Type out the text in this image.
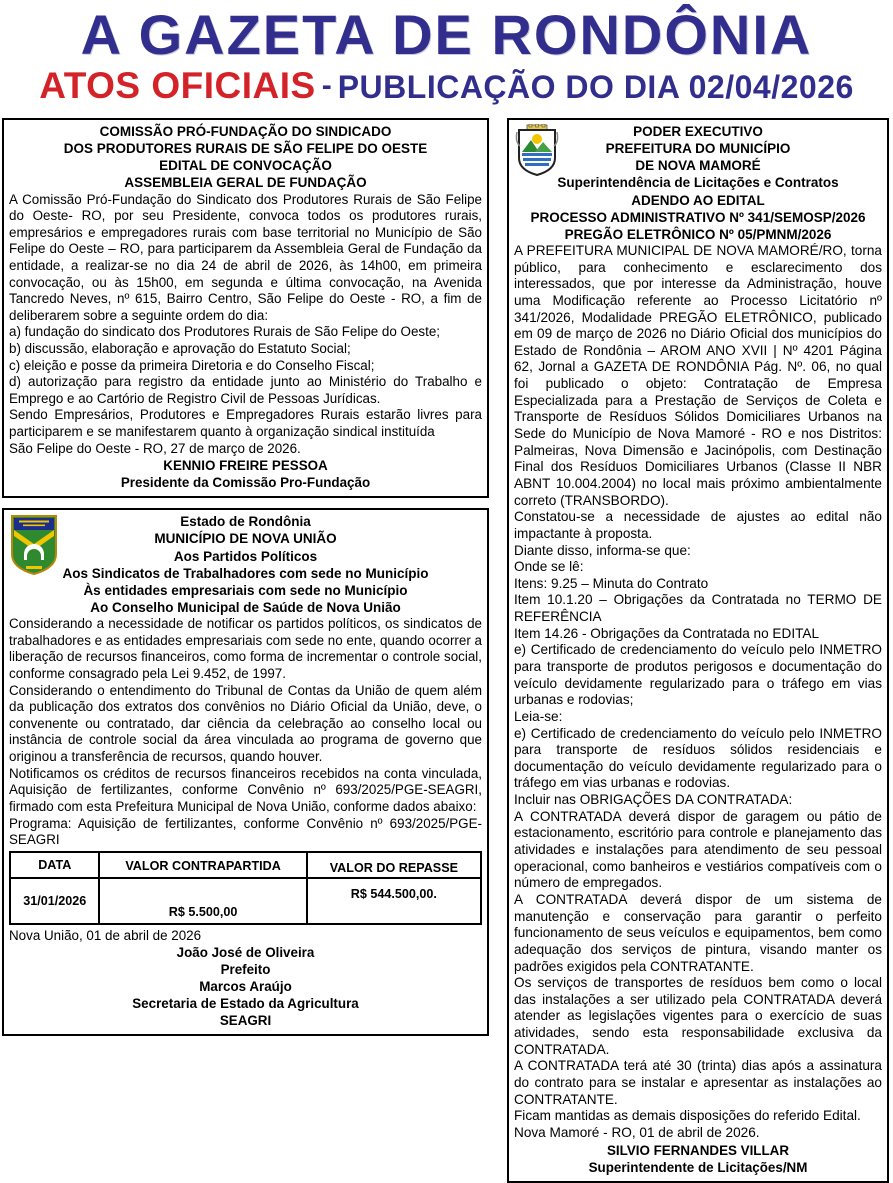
A GAZETA DE RONDÔNIA
ATOS OFICIAIS - PUBLICAÇÃO DO DIA 02/04/2026
COMISSÃO PRÓ-FUNDAÇÃO DO SINDICADO
DOS PRODUTORES RURAIS DE SÃO FELIPE DO OESTE
EDITAL DE CONVOCAÇÃO
ASSEMBLEIA GERAL DE FUNDAÇÃO

A Comissão Pró-Fundação do Sindicato dos Produtores Rurais de São Felipe do Oeste- RO, por seu Presidente, convoca todos os produtores rurais, empresários e empregadores rurais com base territorial no Município de São Felipe do Oeste – RO, para participarem da Assembleia Geral de Fundação da entidade, a realizar-se no dia 24 de abril de 2026, às 14h00, em primeira convocação, ou às 15h00, em segunda e última convocação, na Avenida Tancredo Neves, nº 615, Bairro Centro, São Felipe do Oeste - RO, a fim de deliberarem sobre a seguinte ordem do dia:

a) fundação do sindicato dos Produtores Rurais de São Felipe do Oeste;

b) discussão, elaboração e aprovação do Estatuto Social;

c) eleição e posse da primeira Diretoria e do Conselho Fiscal;

d) autorização para registro da entidade junto ao Ministério do Trabalho e Emprego e ao Cartório de Registro Civil de Pessoas Jurídicas.

Sendo Empresários, Produtores e Empregadores Rurais estarão livres para participarem e se manifestarem quanto à organização sindical instituída

São Felipe do Oeste - RO, 27 de março de 2026.

KENNIO FREIRE PESSOA
Presidente da Comissão Pro-Fundação
Estado de Rondônia
MUNICÍPIO DE NOVA UNIÃO
Aos Partidos Políticos
Aos Sindicatos de Trabalhadores com sede no Município
Às entidades empresariais com sede no Município
Ao Conselho Municipal de Saúde de Nova União

Considerando a necessidade de notificar os partidos políticos, os sindicatos de trabalhadores e as entidades empresariais com sede no ente, quando ocorrer a liberação de recursos financeiros, como forma de incrementar o controle social, conforme consagrado pela Lei 9.452, de 1997.

Considerando o entendimento do Tribunal de Contas da União de quem além da publicação dos extratos dos convênios no Diário Oficial da União, deve, o convenente ou contratado, dar ciência da celebração ao conselho local ou instância de controle social da área vinculada ao programa de governo que originou a transferência de recursos, quando houver.

Notificamos os créditos de recursos financeiros recebidos na conta vinculada, Aquisição de fertilizantes, conforme Convênio nº 693/2025/PGE-SEAGRI, firmado com esta Prefeitura Municipal de Nova União, conforme dados abaixo:

Programa: Aquisição de fertilizantes, conforme Convênio nº 693/2025/PGE-SEAGRI

DATA	VALOR CONTRAPARTIDA	VALOR DO REPASSE
31/01/2026	R$ 5.500,00	R$ 544.500,00.
Nova União, 01 de abril de 2026
João José de Oliveira
Prefeito
Marcos Araújo
Secretaria de Estado da Agricultura
SEAGRI
PODER EXECUTIVO
PREFEITURA DO MUNICÍPIO
DE NOVA MAMORÉ
Superintendência de Licitações e Contratos
ADENDO AO EDITAL
PROCESSO ADMINISTRATIVO Nº 341/SEMOSP/2026
PREGÃO ELETRÔNICO Nº 05/PMNM/2026

A PREFEITURA MUNICIPAL DE NOVA MAMORÉ/RO, torna público, para conhecimento e esclarecimento dos interessados, que por interesse da Administração, houve uma Modificação referente ao Processo Licitatório nº 341/2026, Modalidade PREGÃO ELETRÔNICO, publicado em 09 de março de 2026 no Diário Oficial dos municípios do Estado de Rondônia – AROM ANO XVII | Nº 4201 Página 62, Jornal a GAZETA DE RONDÔNIA Pág. Nº. 06, no qual foi publicado o objeto: Contratação de Empresa Especializada para a Prestação de Serviços de Coleta e Transporte de Resíduos Sólidos Domiciliares Urbanos na Sede do Município de Nova Mamoré - RO e nos Distritos: Palmeiras, Nova Dimensão e Jacinópolis, com Destinação Final dos Resíduos Domiciliares Urbanos (Classe II NBR ABNT 10.004.2004) no local mais próximo ambientalmente correto (TRANSBORDO).

Constatou-se a necessidade de ajustes ao edital não impactante à proposta.

Diante disso, informa-se que:

Onde se lê:

Itens: 9.25 – Minuta do Contrato

Item 10.1.20 – Obrigações da Contratada no TERMO DE REFERÊNCIA

Item 14.26 - Obrigações da Contratada no EDITAL

e) Certificado de credenciamento do veículo pelo INMETRO para transporte de produtos perigosos e documentação do veículo devidamente regularizado para o tráfego em vias urbanas e rodovias;

Leia-se:

e) Certificado de credenciamento do veículo pelo INMETRO para transporte de resíduos sólidos residenciais e documentação do veículo devidamente regularizado para o tráfego em vias urbanas e rodovias.

Incluir nas OBRIGAÇÕES DA CONTRATADA:

A CONTRATADA deverá dispor de garagem ou pátio de estacionamento, escritório para controle e planejamento das atividades e instalações para atendimento de seu pessoal operacional, como banheiros e vestiários compatíveis com o número de empregados.

A CONTRATADA deverá dispor de um sistema de manutenção e conservação para garantir o perfeito funcionamento de seus veículos e equipamentos, bem como adequação dos serviços de pintura, visando manter os padrões exigidos pela CONTRATANTE.

Os serviços de transportes de resíduos bem como o local das instalações a ser utilizado pela CONTRATADA deverá atender as legislações vigentes para o exercício de suas atividades, sendo esta responsabilidade exclusiva da CONTRATADA.

A CONTRATADA terá até 30 (trinta) dias após a assinatura do contrato para se instalar e apresentar as instalações ao CONTRATANTE.

Ficam mantidas as demais disposições do referido Edital.

Nova Mamoré - RO, 01 de abril de 2026.

SILVIO FERNANDES VILLAR
Superintendente de Licitações/NM
